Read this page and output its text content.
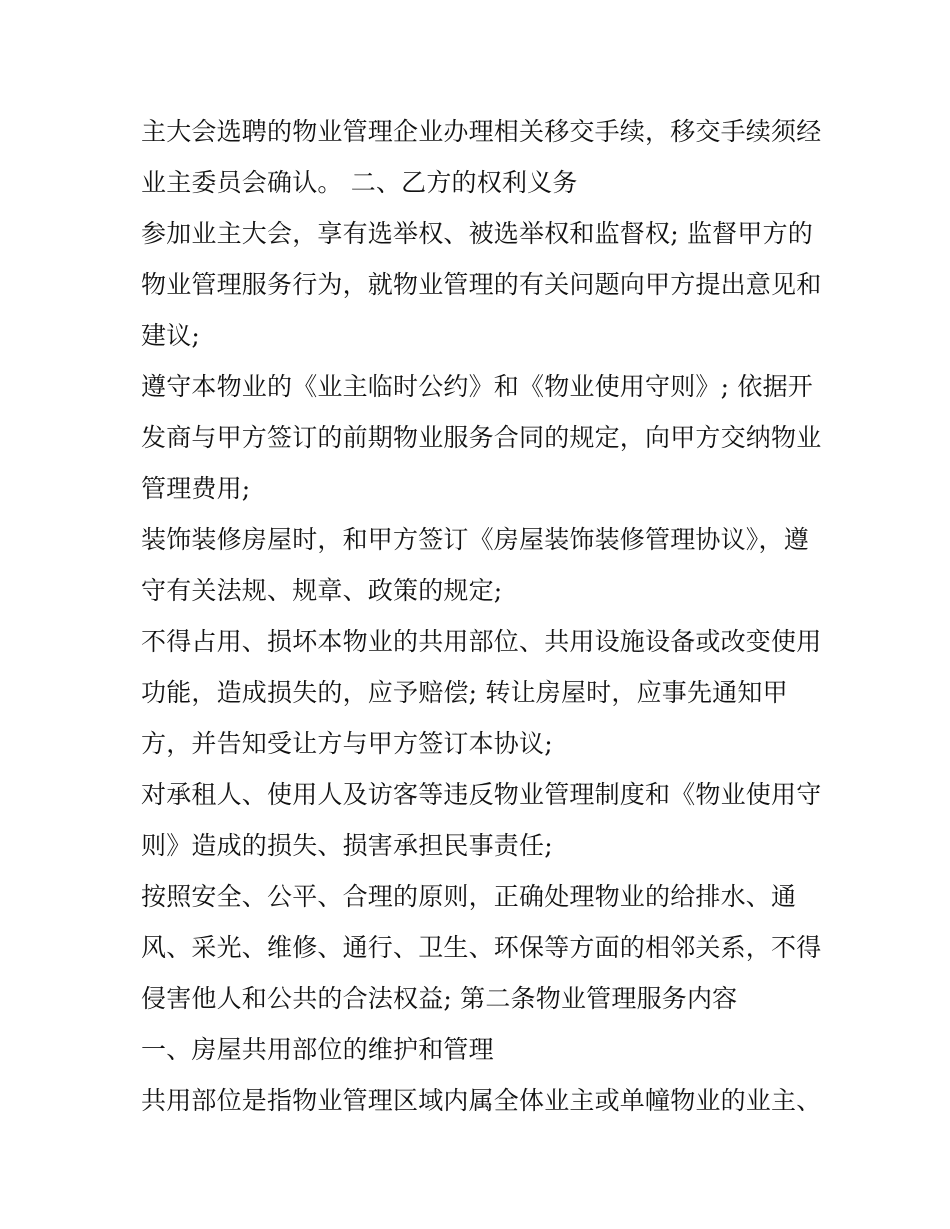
主大会选聘的物业管理企业办理相关移交手续，移交手续须经
业主委员会确认。 二、乙方的权利义务
参加业主大会，享有选举权、被选举权和监督权; 监督甲方的
物业管理服务行为，就物业管理的有关问题向甲方提出意见和
建议;
遵守本物业的《业主临时公约》和《物业使用守则》; 依据开
发商与甲方签订的前期物业服务合同的规定，向甲方交纳物业
管理费用;
装饰装修房屋时，和甲方签订《房屋装饰装修管理协议》，遵
守有关法规、规章、政策的规定;
不得占用、损坏本物业的共用部位、共用设施设备或改变使用
功能，造成损失的，应予赔偿; 转让房屋时，应事先通知甲
方，并告知受让方与甲方签订本协议;
对承租人、使用人及访客等违反物业管理制度和《物业使用守
则》造成的损失、损害承担民事责任;
按照安全、公平、合理的原则，正确处理物业的给排水、通
风、采光、维修、通行、卫生、环保等方面的相邻关系，不得
侵害他人和公共的合法权益; 第二条物业管理服务内容
一、房屋共用部位的维护和管理
共用部位是指物业管理区域内属全体业主或单幢物业的业主、
